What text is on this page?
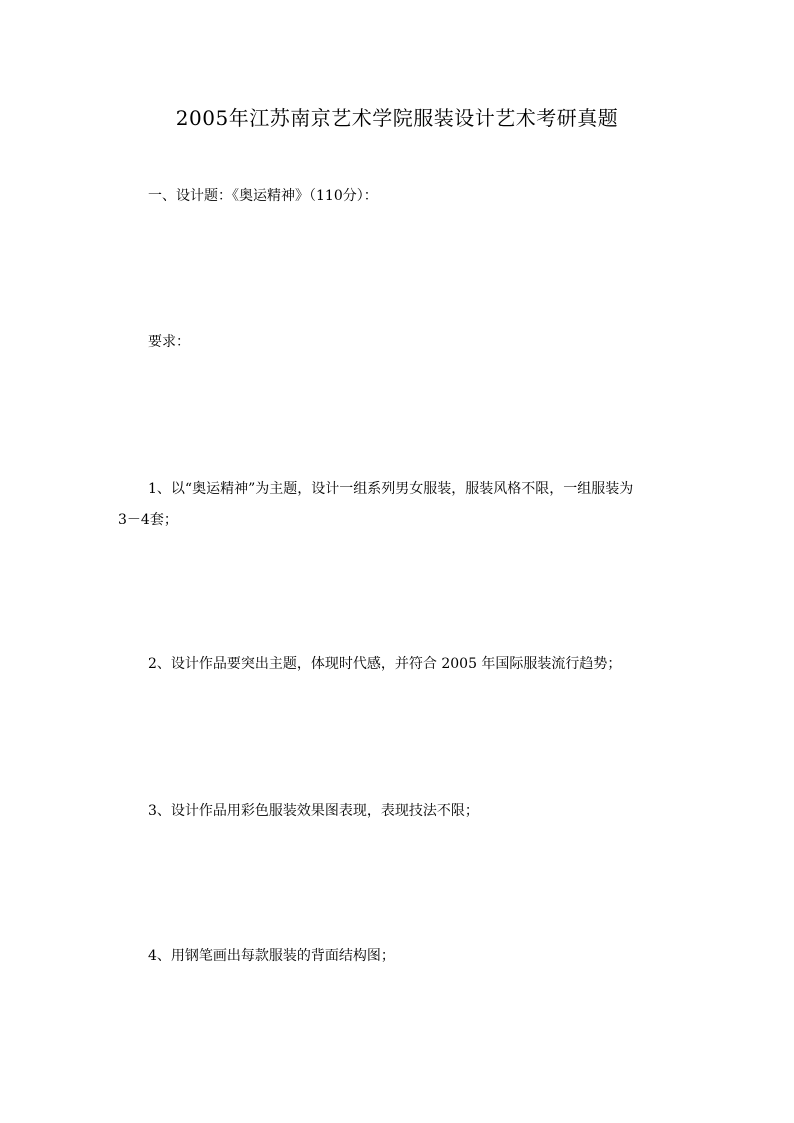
2005年江苏南京艺术学院服装设计艺术考研真题
一、设计题：《奥运精神》（110分）：
要求：
1、以“奥运精神”为主题，设计一组系列男女服装，服装风格不限，一组服装为
3－4套；
2、设计作品要突出主题，体现时代感，并符合 2005 年国际服装流行趋势；
3、设计作品用彩色服装效果图表现，表现技法不限；
4、用钢笔画出每款服装的背面结构图；
